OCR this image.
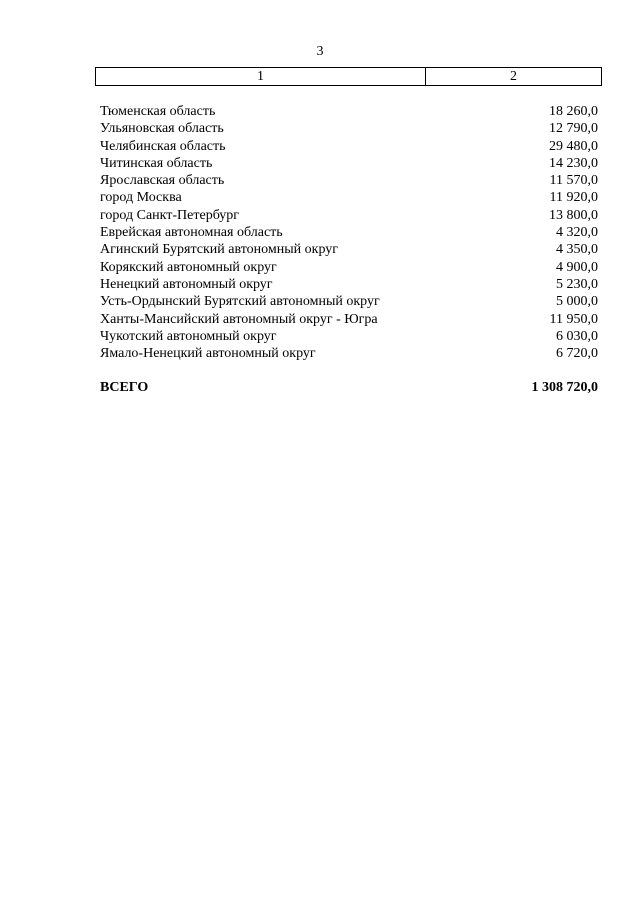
3
1	2
Тюменская область	18 260,0
Ульяновская область	12 790,0
Челябинская область	29 480,0
Читинская область	14 230,0
Ярославская область	11 570,0
город Москва	11 920,0
город Санкт-Петербург	13 800,0
Еврейская автономная область	4 320,0
Агинский Бурятский автономный округ	4 350,0
Корякский автономный округ	4 900,0
Ненецкий автономный округ	5 230,0
Усть-Ордынский Бурятский автономный округ	5 000,0
Ханты-Мансийский автономный округ - Югра	11 950,0
Чукотский автономный округ	6 030,0
Ямало-Ненецкий автономный округ	6 720,0
ВСЕГО	1 308 720,0
